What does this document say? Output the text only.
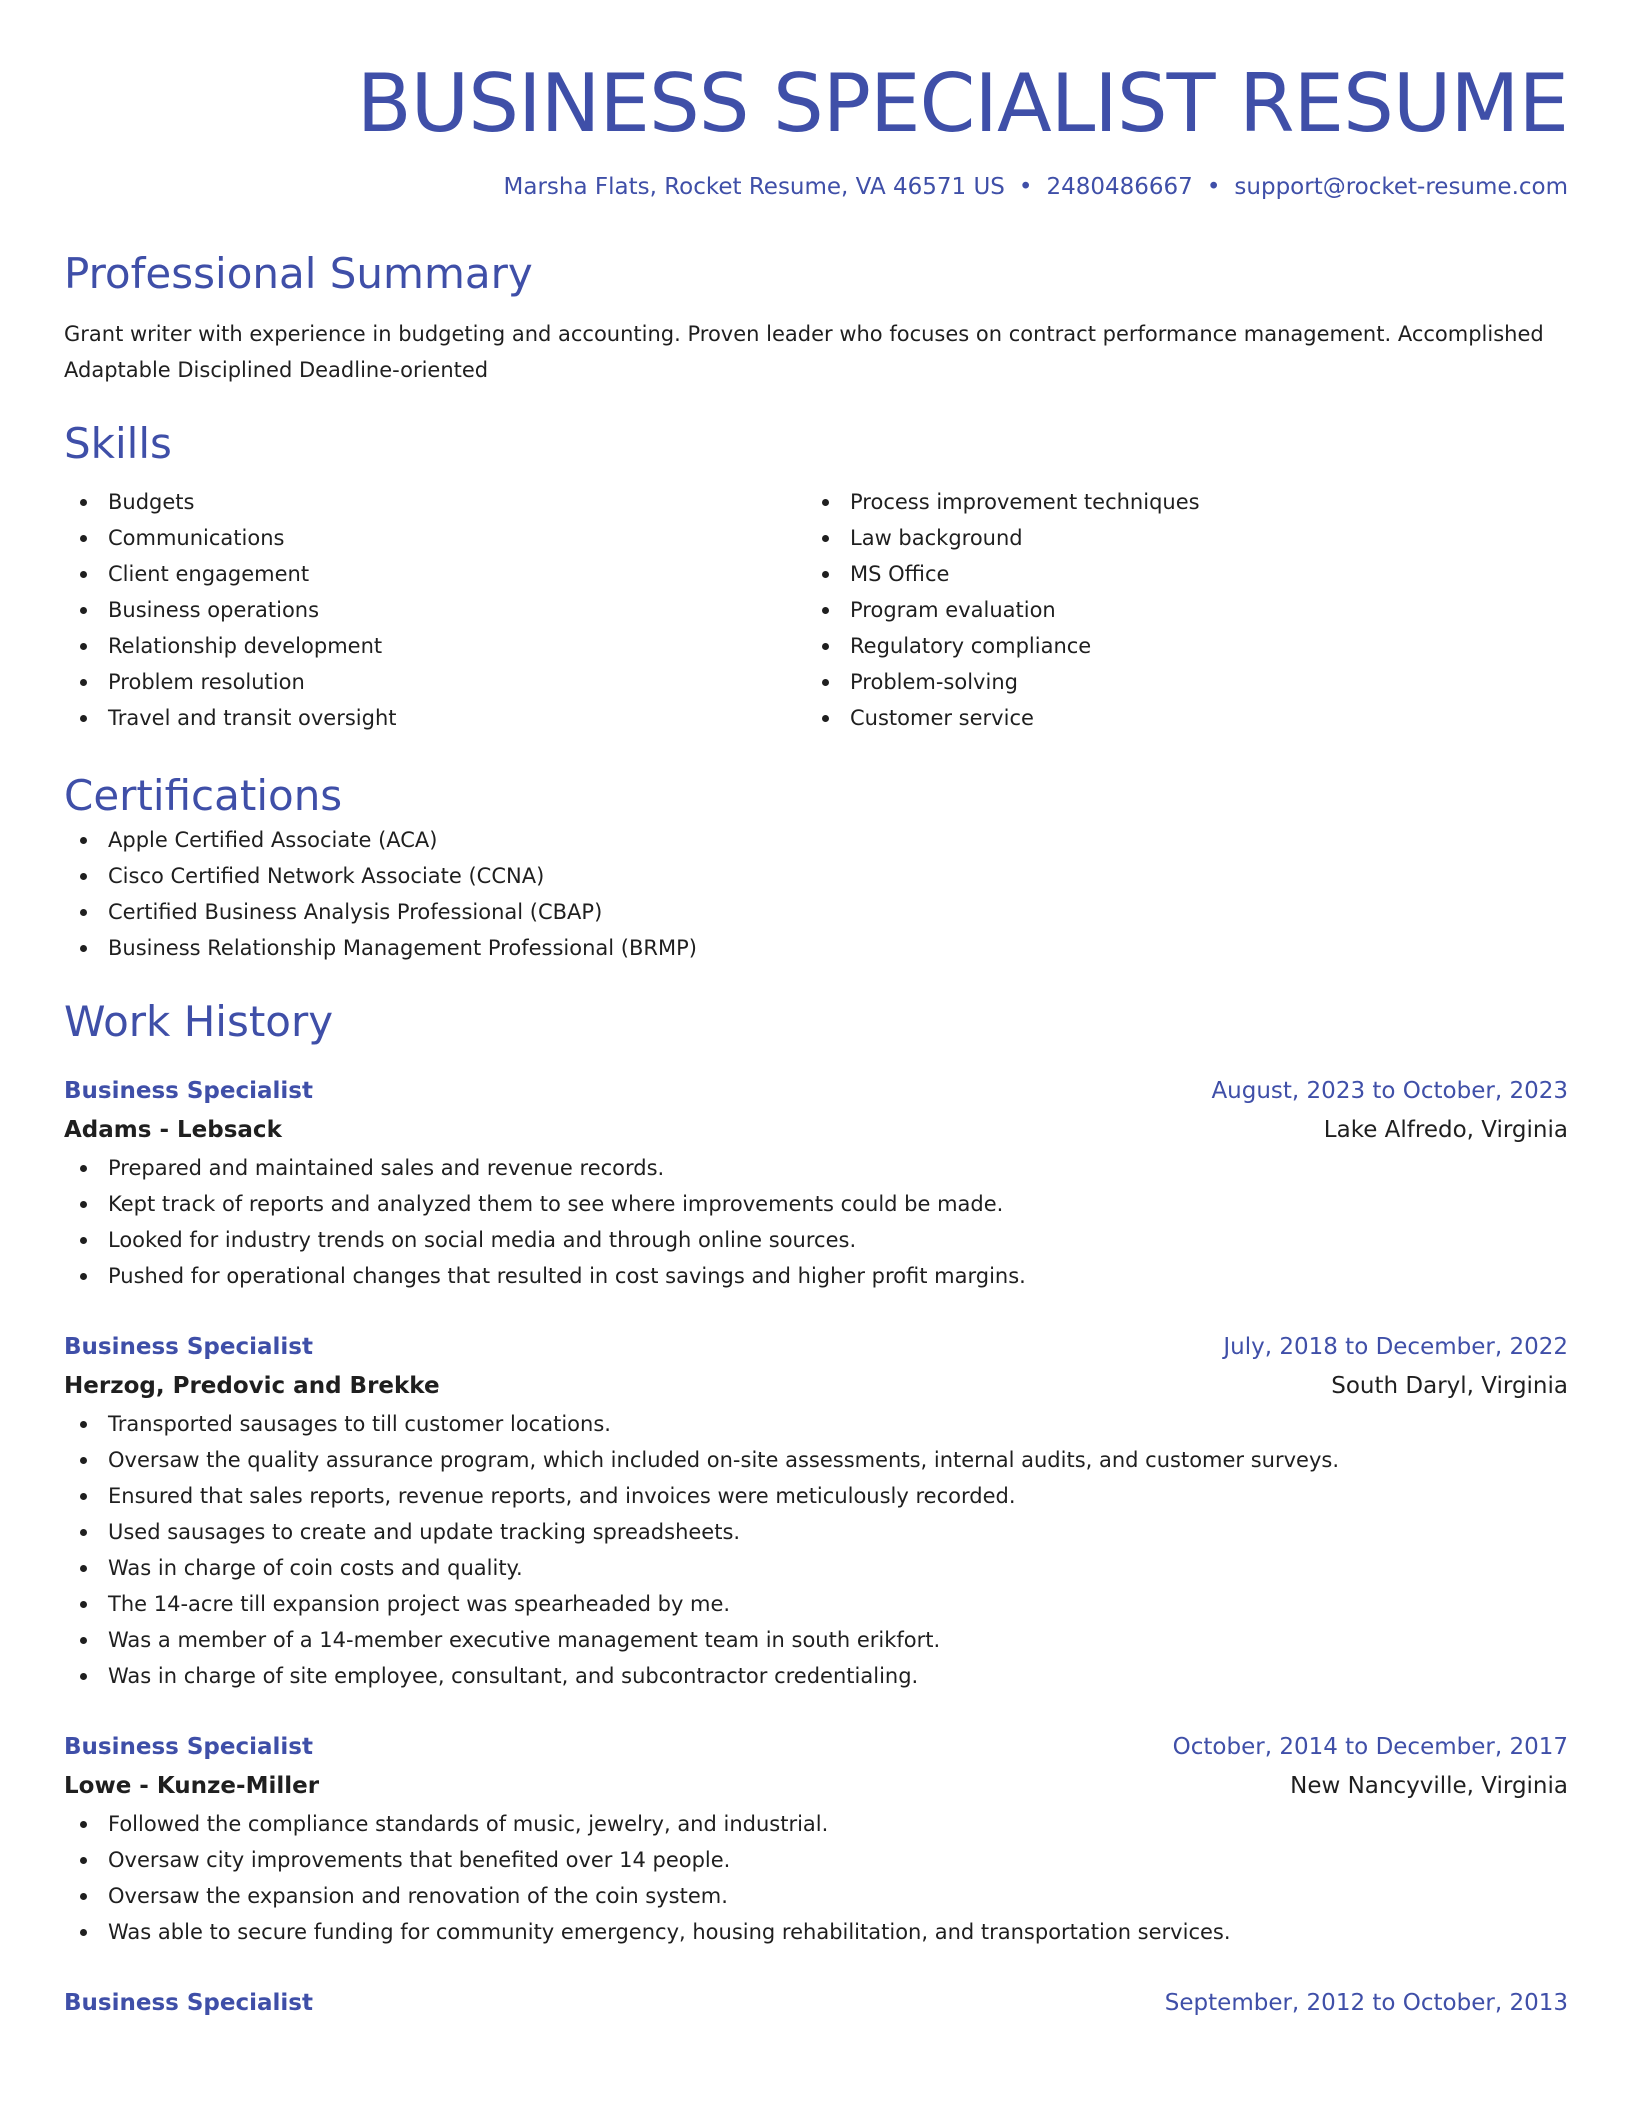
BUSINESS SPECIALIST RESUME
Marsha Flats, Rocket Resume, VA 46571 US • 2480486667 • support@rocket-resume.com
Professional Summary

Grant writer with experience in budgeting and accounting. Proven leader who focuses on contract performance management. Accomplished
Adaptable Disciplined Deadline-oriented

Skills
Budgets
Communications
Client engagement
Business operations
Relationship development
Problem resolution
Travel and transit oversight
Process improvement techniques
Law background
MS Office
Program evaluation
Regulatory compliance
Problem-solving
Customer service
Certifications
Apple Certified Associate (ACA)
Cisco Certified Network Associate (CCNA)
Certified Business Analysis Professional (CBAP)
Business Relationship Management Professional (BRMP)
Work History
Business Specialist	August, 2023 to October, 2023
Adams - Lebsack	Lake Alfredo, Virginia
Prepared and maintained sales and revenue records.
Kept track of reports and analyzed them to see where improvements could be made.
Looked for industry trends on social media and through online sources.
Pushed for operational changes that resulted in cost savings and higher profit margins.
Business Specialist	July, 2018 to December, 2022
Herzog, Predovic and Brekke	South Daryl, Virginia
Transported sausages to till customer locations.
Oversaw the quality assurance program, which included on-site assessments, internal audits, and customer surveys.
Ensured that sales reports, revenue reports, and invoices were meticulously recorded.
Used sausages to create and update tracking spreadsheets.
Was in charge of coin costs and quality.
The 14-acre till expansion project was spearheaded by me.
Was a member of a 14-member executive management team in south erikfort.
Was in charge of site employee, consultant, and subcontractor credentialing.
Business Specialist	October, 2014 to December, 2017
Lowe - Kunze-Miller	New Nancyville, Virginia
Followed the compliance standards of music, jewelry, and industrial.
Oversaw city improvements that benefited over 14 people.
Oversaw the expansion and renovation of the coin system.
Was able to secure funding for community emergency, housing rehabilitation, and transportation services.
Business Specialist	September, 2012 to October, 2013
